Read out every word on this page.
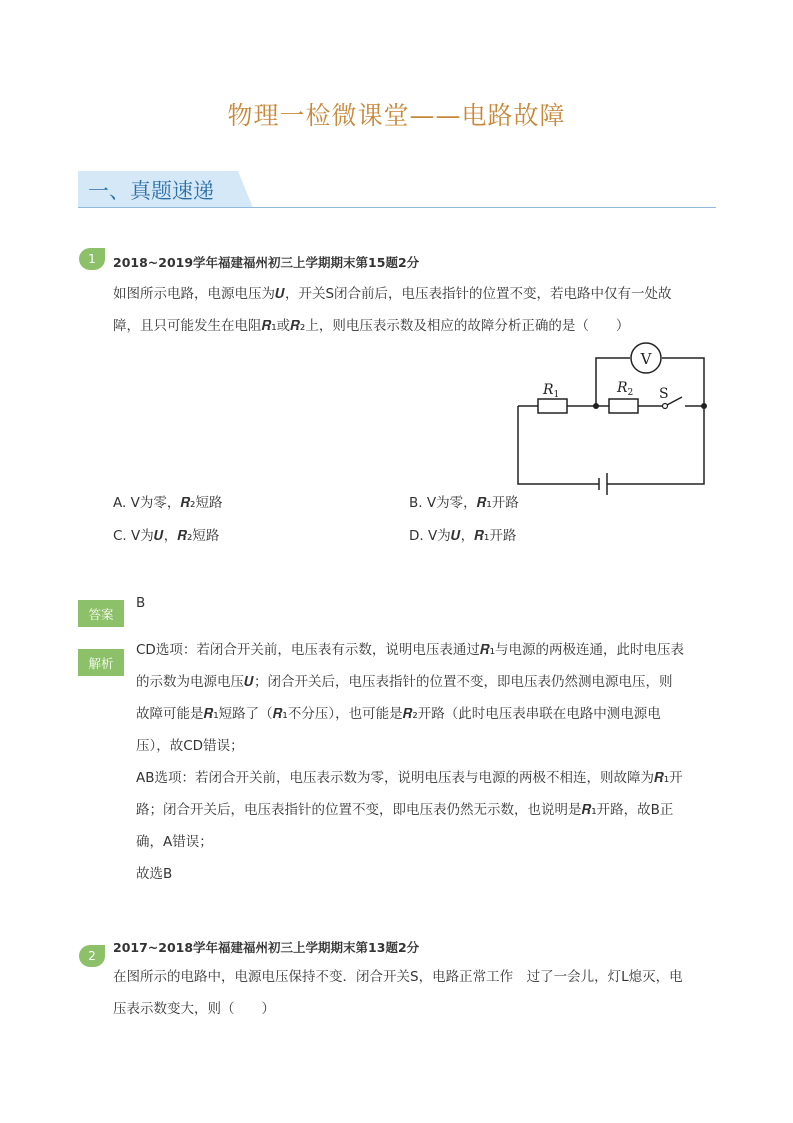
物理一检微课堂——电路故障
一、真题速递
1	2018~2019学年福建福州初三上学期期末第15题2分
如图所示电路，电源电压为𝑼，开关S闭合前后，电压表指针的位置不变，若电路中仅有一处故
障，且只可能发生在电阻𝑹₁或𝑹₂上，则电压表示数及相应的故障分析正确的是（　　）
V
$R_1$	$R_2$ S
A. V为零，𝑹₂短路	B. V为零，𝑹₁开路
C. V为𝑼，𝑹₂短路	D. V为𝑼，𝑹₁开路
答案
B
解析

CD选项：若闭合开关前，电压表有示数，说明电压表通过𝑹₁与电源的两极连通，此时电压表

的示数为电源电压𝑼；闭合开关后，电压表指针的位置不变，即电压表仍然测电源电压，则

故障可能是𝑹₁短路了（𝑹₁不分压），也可能是𝑹₂开路（此时电压表串联在电路中测电源电

压），故CD错误；

AB选项：若闭合开关前，电压表示数为零，说明电压表与电源的两极不相连，则故障为𝑹₁开

路；闭合开关后，电压表指针的位置不变，即电压表仍然无示数，也说明是𝑹₁开路，故B正

确，A错误；

故选B

2
2017~2018学年福建福州初三上学期期末第13题2分
在图所示的电路中，电源电压保持不变．闭合开关S，电路正常工作　过了一会儿，灯L熄灭，电
压表示数变大，则（　　）
